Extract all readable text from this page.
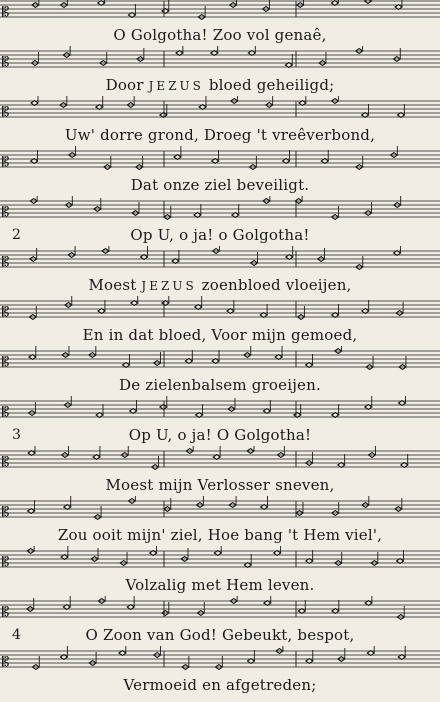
𝄡
O Golgotha! Zoo vol genaê,
𝄡
Door JEZUS bloed geheiligd;
𝄡
Uw' dorre grond, Droeg 't vreêverbond,
𝄡
Dat onze ziel beveiligt.
𝄡
2	Op U, o ja! o Golgotha!
𝄡
Moest JEZUS zoenbloed vloeijen,
𝄡
En in dat bloed, Voor mijn gemoed,
𝄡
De zielenbalsem groeijen.
𝄡
3	Op U, o ja! O Golgotha!
𝄡
Moest mijn Verlosser sneven,
𝄡
Zou ooit mijn' ziel, Hoe bang 't Hem viel',
𝄡
Volzalig met Hem leven.
𝄡
4	O Zoon van God! Gebeukt, bespot,
𝄡
Vermoeid en afgetreden;
